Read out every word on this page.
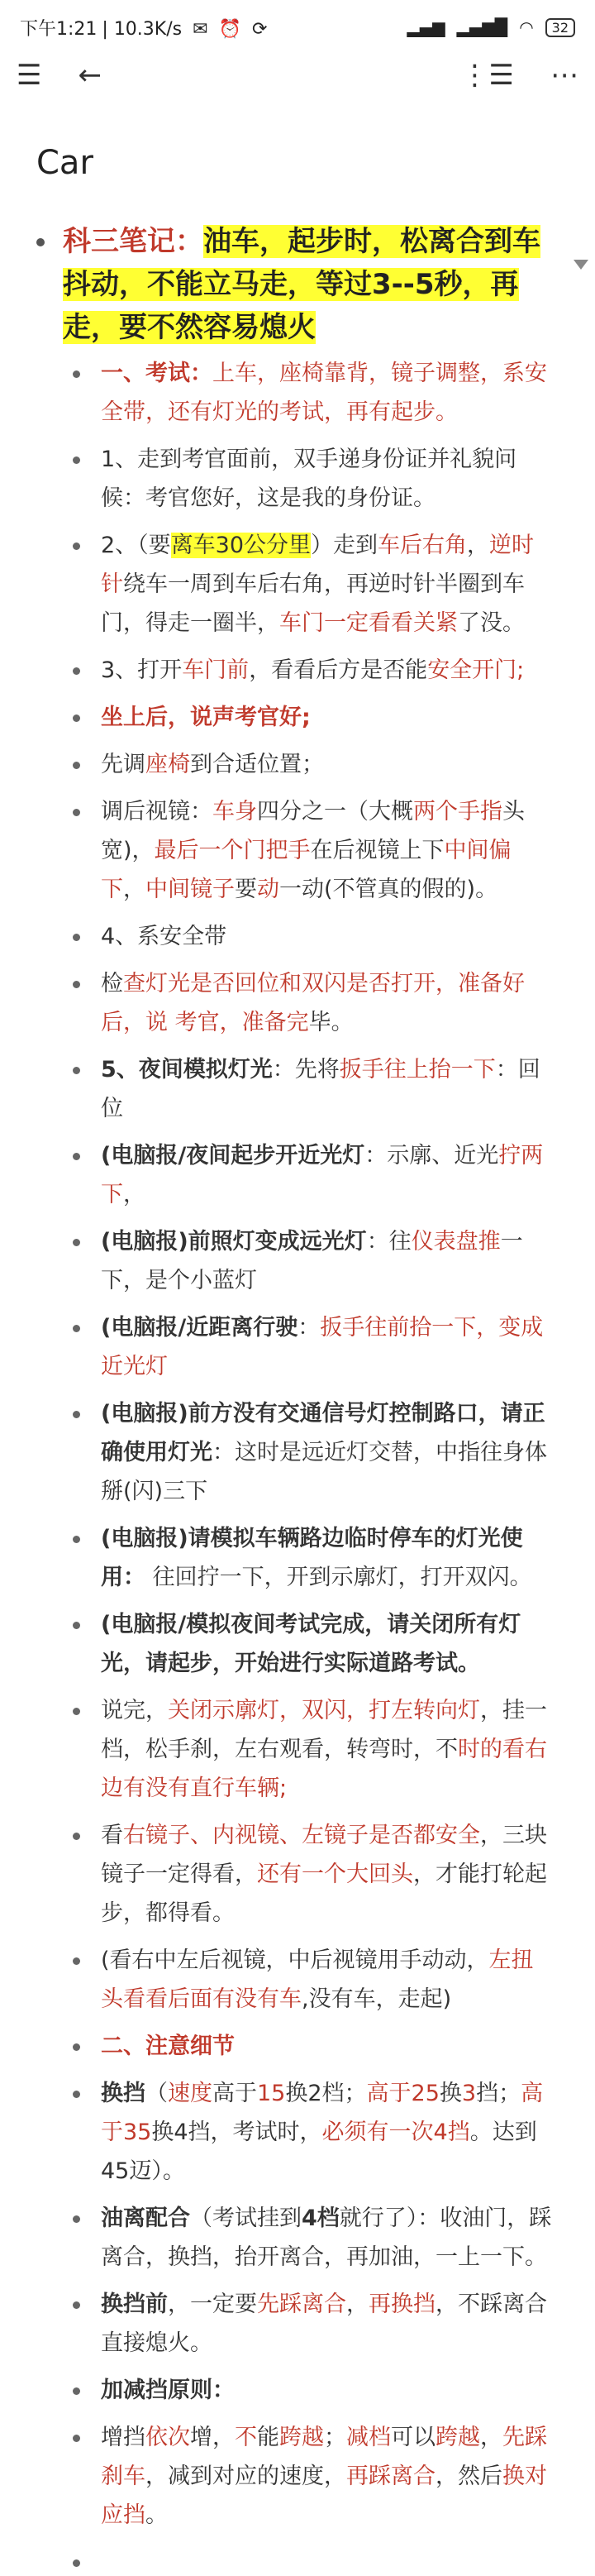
下午1:21 | 10.3K/s ✉ ⏰ ⟳	▂▄▆ ▂▄▆█ ◠	32
☰ ←	⋮☰ ⋯
Car
科三笔记：油车，起步时，松离合到车抖动，不能立马走，等过3--5秒，再走，要不然容易熄火
一、考试：上车，座椅靠背，镜子调整，系安全带，还有灯光的考试，再有起步。
1、走到考官面前，双手递身份证并礼貌问候：考官您好，这是我的身份证。
2、（要离车30公分里）走到车后右角，逆时针绕车一周到车后右角，再逆时针半圈到车门，得走一圈半，车门一定看看关紧了没。
3、打开车门前，看看后方是否能安全开门;
坐上后，说声考官好;
先调座椅到合适位置；
调后视镜：车身四分之一（大概两个手指头宽)，最后一个门把手在后视镜上下中间偏下，中间镜子要动一动(不管真的假的)。
4、系安全带
检查灯光是否回位和双闪是否打开，准备好后，说 考官，准备完毕。
5、夜间模拟灯光：先将扳手往上抬一下：回位
(电脑报/夜间起步开近光灯：示廓、近光拧两下，
(电脑报)前照灯变成远光灯：往仪表盘推一下，是个小蓝灯
(电脑报/近距离行驶：扳手往前拾一下，变成近光灯
(电脑报)前方没有交通信号灯控制路口，请正确使用灯光：这时是远近灯交替，中指往身体掰(闪)三下
(电脑报)请模拟车辆路边临时停车的灯光使用： 往回拧一下，开到示廓灯，打开双闪。
(电脑报/模拟夜间考试完成，请关闭所有灯光，请起步，开始进行实际道路考试。
说完，关闭示廓灯，双闪，打左转向灯，挂一档，松手刹，左右观看，转弯时，不时的看右边有没有直行车辆;
看右镜子、内视镜、左镜子是否都安全，三块镜子一定得看，还有一个大回头，才能打轮起步，都得看。
(看右中左后视镜，中后视镜用手动动，左扭头看看后面有没有车,没有车，走起)
二、注意细节
换挡（速度高于15换2档；高于25换3挡；高于35换4挡，考试时，必须有一次4挡。达到45迈）。
油离配合（考试挂到4档就行了）：收油门，踩离合，换挡，抬开离合，再加油，一上一下。
换挡前，一定要先踩离合，再换挡，不踩离合直接熄火。
加减挡原则：
增挡依次增，不能跨越；减档可以跨越，先踩刹车，减到对应的速度，再踩离合，然后换对应挡。
